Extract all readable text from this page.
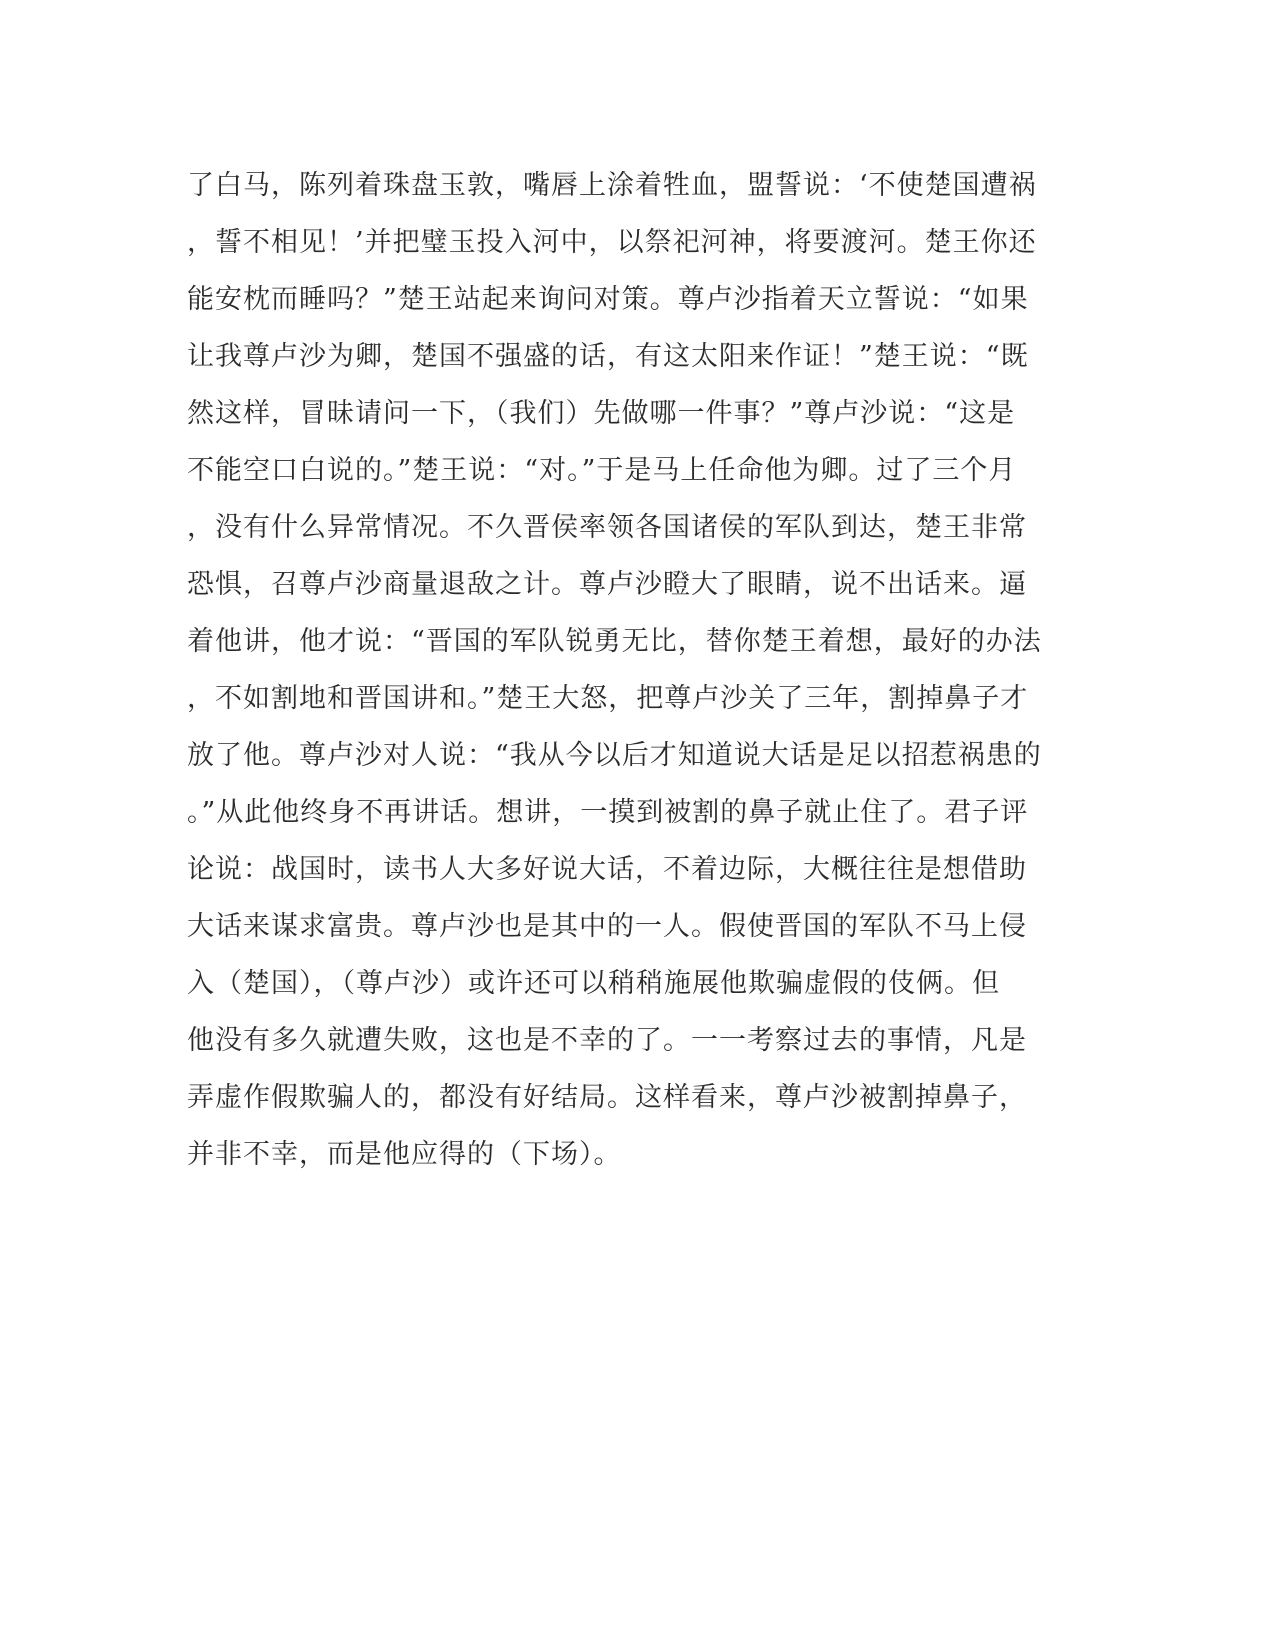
了白马，陈列着珠盘玉敦，嘴唇上涂着牲血，盟誓说：‘不使楚国遭祸
，誓不相见！’并把璧玉投入河中，以祭祀河神，将要渡河。楚王你还
能安枕而睡吗？”楚王站起来询问对策。尊卢沙指着天立誓说：“如果
让我尊卢沙为卿，楚国不强盛的话，有这太阳来作证！”楚王说：“既
然这样，冒昧请问一下，（我们）先做哪一件事？”尊卢沙说：“这是
不能空口白说的。”楚王说：“对。”于是马上任命他为卿。过了三个月
，没有什么异常情况。不久晋侯率领各国诸侯的军队到达，楚王非常
恐惧，召尊卢沙商量退敌之计。尊卢沙瞪大了眼睛，说不出话来。逼
着他讲，他才说：“晋国的军队锐勇无比，替你楚王着想，最好的办法
，不如割地和晋国讲和。”楚王大怒，把尊卢沙关了三年，割掉鼻子才
放了他。尊卢沙对人说：“我从今以后才知道说大话是足以招惹祸患的
。”从此他终身不再讲话。想讲，一摸到被割的鼻子就止住了。君子评
论说：战国时，读书人大多好说大话，不着边际，大概往往是想借助
大话来谋求富贵。尊卢沙也是其中的一人。假使晋国的军队不马上侵
入（楚国），（尊卢沙）或许还可以稍稍施展他欺骗虚假的伎俩。但
他没有多久就遭失败，这也是不幸的了。一一考察过去的事情，凡是
弄虚作假欺骗人的，都没有好结局。这样看来，尊卢沙被割掉鼻子，
并非不幸，而是他应得的（下场）。
